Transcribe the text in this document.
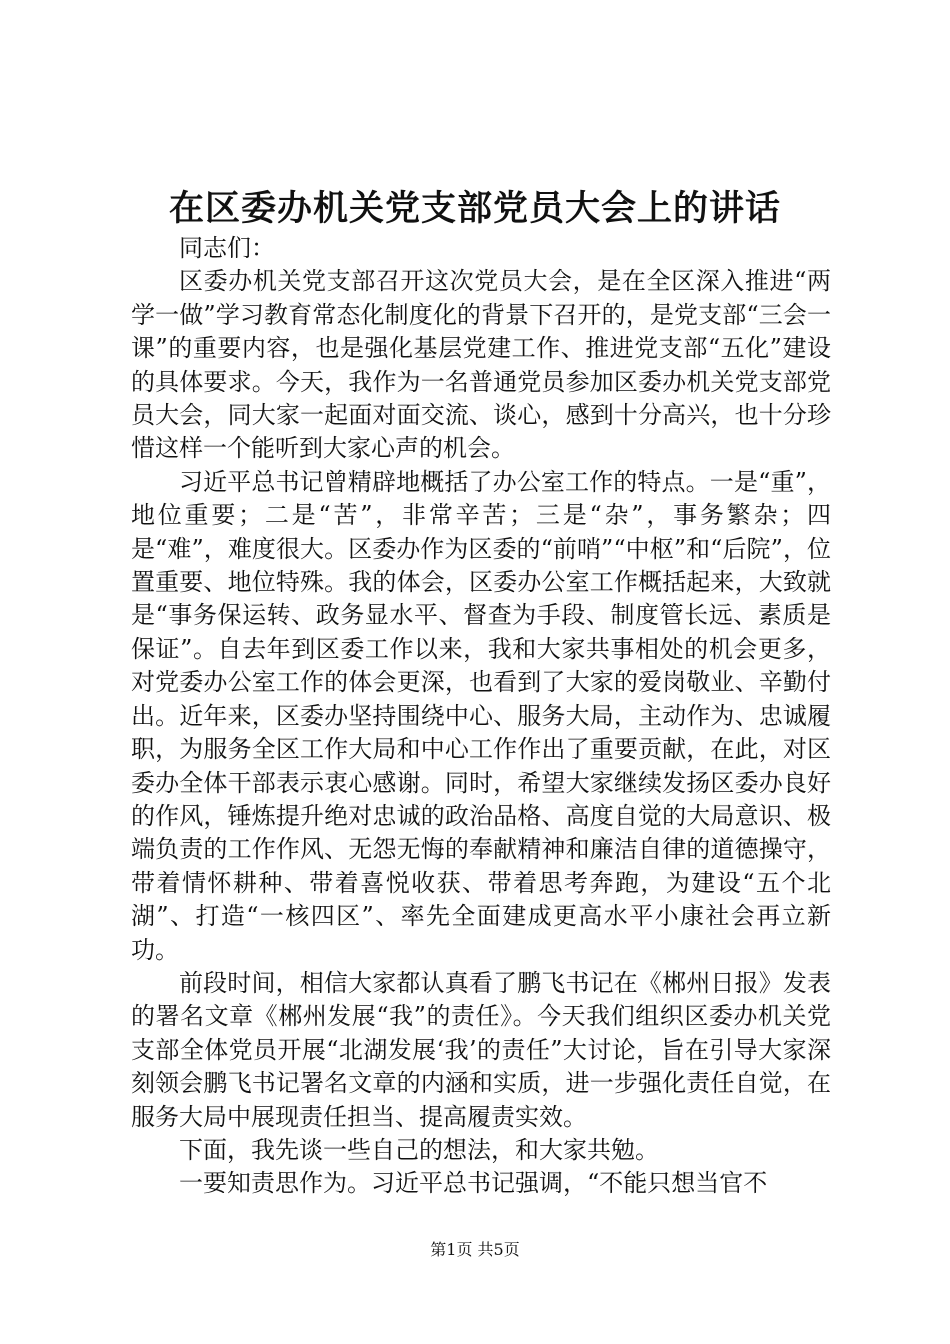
在区委办机关党支部党员大会上的讲话

同志们：

区委办机关党支部召开这次党员大会，是在全区深入推进“两学一做”学习教育常态化制度化的背景下召开的，是党支部“三会一课”的重要内容，也是强化基层党建工作、推进党支部“五化”建设的具体要求。今天，我作为一名普通党员参加区委办机关党支部党员大会，同大家一起面对面交流、谈心，感到十分高兴，也十分珍惜这样一个能听到大家心声的机会。

习近平总书记曾精辟地概括了办公室工作的特点。一是“重”，地位重要；二是“苦”，非常辛苦；三是“杂”，事务繁杂；四是“难”，难度很大。区委办作为区委的“前哨”“中枢”和“后院”，位置重要、地位特殊。我的体会，区委办公室工作概括起来，大致就是“事务保运转、政务显水平、督查为手段、制度管长远、素质是保证”。自去年到区委工作以来，我和大家共事相处的机会更多，对党委办公室工作的体会更深，也看到了大家的爱岗敬业、辛勤付出。近年来，区委办坚持围绕中心、服务大局，主动作为、忠诚履职，为服务全区工作大局和中心工作作出了重要贡献，在此，对区委办全体干部表示衷心感谢。同时，希望大家继续发扬区委办良好的作风，锤炼提升绝对忠诚的政治品格、高度自觉的大局意识、极端负责的工作作风、无怨无悔的奉献精神和廉洁自律的道德操守，带着情怀耕种、带着喜悦收获、带着思考奔跑，为建设“五个北湖”、打造“一核四区”、率先全面建成更高水平小康社会再立新功。

前段时间，相信大家都认真看了鹏飞书记在《郴州日报》发表的署名文章《郴州发展“我”的责任》。今天我们组织区委办机关党支部全体党员开展“北湖发展‘我’的责任”大讨论，旨在引导大家深刻领会鹏飞书记署名文章的内涵和实质，进一步强化责任自觉，在服务大局中展现责任担当、提高履责实效。

下面，我先谈一些自己的想法，和大家共勉。

一要知责思作为。习近平总书记强调，“不能只想当官不

第1页 共5页
